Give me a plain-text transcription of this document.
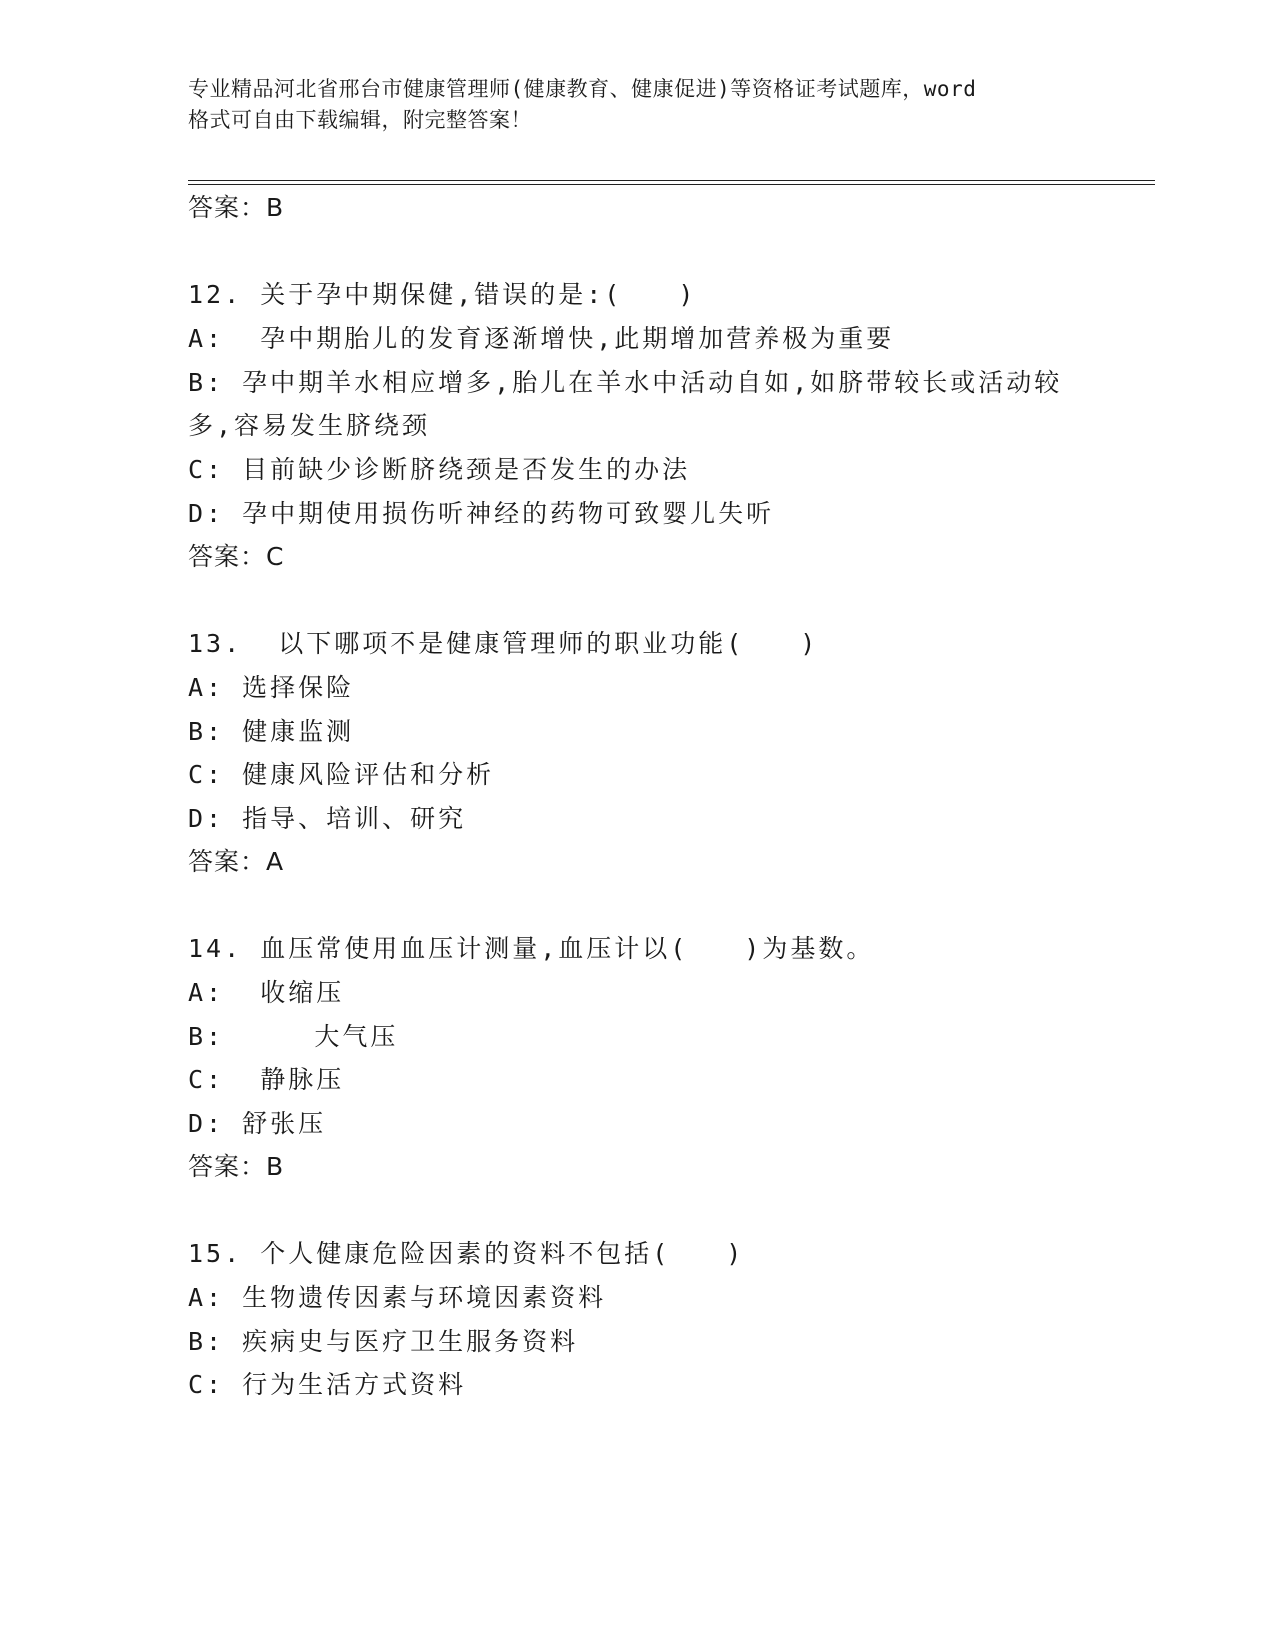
专业精品河北省邢台市健康管理师(健康教育、健康促进)等资格证考试题库，word
格式可自由下载编辑，附完整答案！
答案：B
12. 关于孕中期保健,错误的是:(　　)
A:  孕中期胎儿的发育逐渐增快,此期增加营养极为重要
B: 孕中期羊水相应增多,胎儿在羊水中活动自如,如脐带较长或活动较
多,容易发生脐绕颈
C: 目前缺少诊断脐绕颈是否发生的办法
D: 孕中期使用损伤听神经的药物可致婴儿失听
答案：C
13.  以下哪项不是健康管理师的职业功能(　　)
A: 选择保险
B: 健康监测
C: 健康风险评估和分析
D: 指导、培训、研究
答案：A
14. 血压常使用血压计测量,血压计以(　　)为基数。
A:  收缩压
B:     大气压
C:  静脉压
D: 舒张压
答案：B
15. 个人健康危险因素的资料不包括(　　)
A: 生物遗传因素与环境因素资料
B: 疾病史与医疗卫生服务资料
C: 行为生活方式资料
